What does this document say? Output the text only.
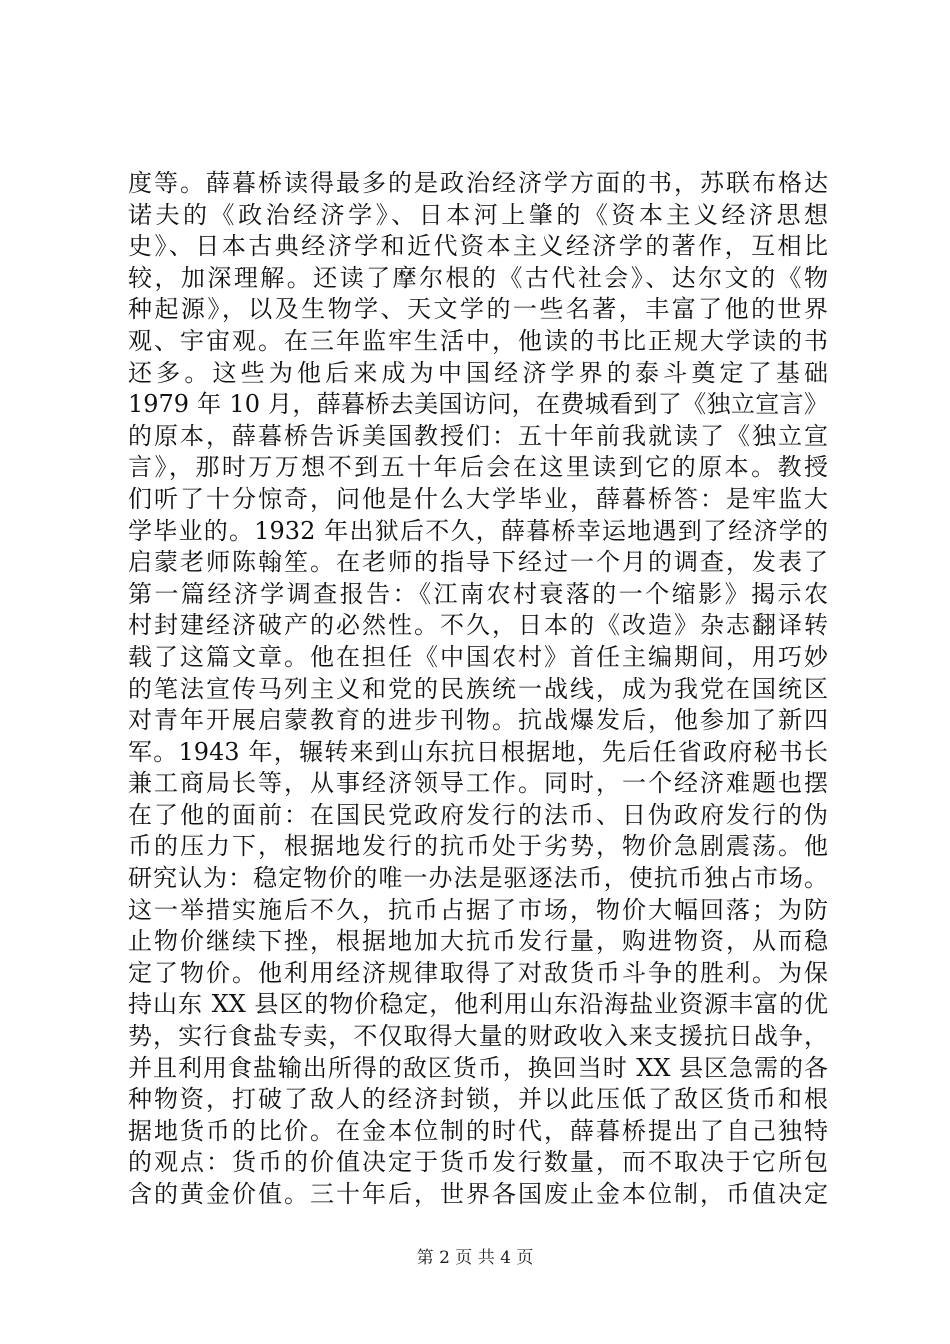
度等。薛暮桥读得最多的是政治经济学方面的书，苏联布格达
诺夫的《政治经济学》、日本河上肇的《资本主义经济思想
史》、日本古典经济学和近代资本主义经济学的著作，互相比
较，加深理解。还读了摩尔根的《古代社会》、达尔文的《物
种起源》，以及生物学、天文学的一些名著，丰富了他的世界
观、宇宙观。在三年监牢生活中，他读的书比正规大学读的书
还多。这些为他后来成为中国经济学界的泰斗奠定了基础
1979 年 10 月，薛暮桥去美国访问，在费城看到了《独立宣言》
的原本，薛暮桥告诉美国教授们：五十年前我就读了《独立宣
言》，那时万万想不到五十年后会在这里读到它的原本。教授
们听了十分惊奇，问他是什么大学毕业，薛暮桥答：是牢监大
学毕业的。1932 年出狱后不久，薛暮桥幸运地遇到了经济学的
启蒙老师陈翰笙。在老师的指导下经过一个月的调查，发表了
第一篇经济学调查报告：《江南农村衰落的一个缩影》揭示农
村封建经济破产的必然性。不久，日本的《改造》杂志翻译转
载了这篇文章。他在担任《中国农村》首任主编期间，用巧妙
的笔法宣传马列主义和党的民族统一战线，成为我党在国统区
对青年开展启蒙教育的进步刊物。抗战爆发后，他参加了新四
军。1943 年，辗转来到山东抗日根据地，先后任省政府秘书长
兼工商局长等，从事经济领导工作。同时，一个经济难题也摆
在了他的面前：在国民党政府发行的法币、日伪政府发行的伪
币的压力下，根据地发行的抗币处于劣势，物价急剧震荡。他
研究认为：稳定物价的唯一办法是驱逐法币，使抗币独占市场。
这一举措实施后不久，抗币占据了市场，物价大幅回落；为防
止物价继续下挫，根据地加大抗币发行量，购进物资，从而稳
定了物价。他利用经济规律取得了对敌货币斗争的胜利。为保
持山东 XX 县区的物价稳定，他利用山东沿海盐业资源丰富的优
势，实行食盐专卖，不仅取得大量的财政收入来支援抗日战争，
并且利用食盐输出所得的敌区货币，换回当时 XX 县区急需的各
种物资，打破了敌人的经济封锁，并以此压低了敌区货币和根
据地货币的比价。在金本位制的时代，薛暮桥提出了自己独特
的观点：货币的价值决定于货币发行数量，而不取决于它所包
含的黄金价值。三十年后，世界各国废止金本位制，币值决定
第 2 页 共 4 页
